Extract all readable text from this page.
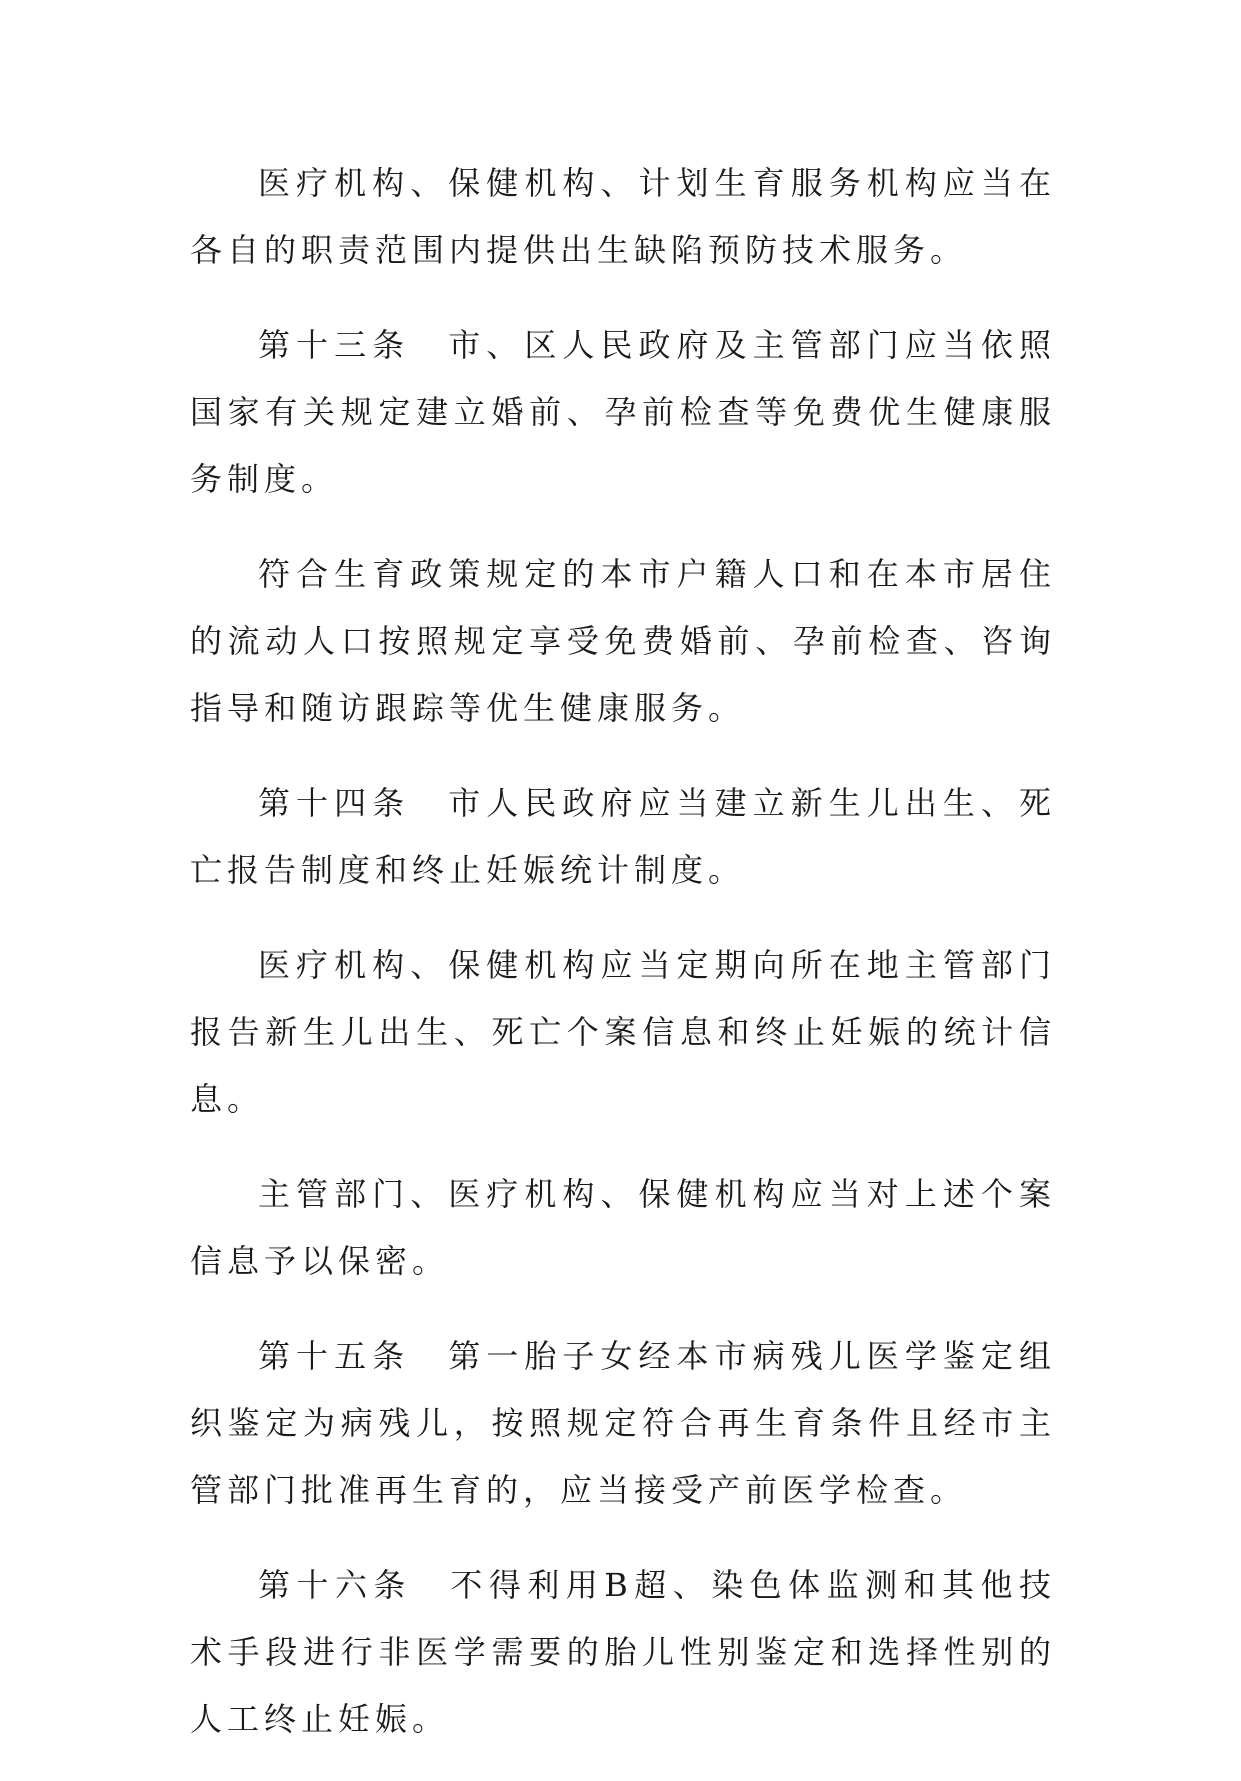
医疗机构、保健机构、计划生育服务机构应当在各自的职责范围内提供出生缺陷预防技术服务。

第十三条　市、区人民政府及主管部门应当依照国家有关规定建立婚前、孕前检查等免费优生健康服务制度。

符合生育政策规定的本市户籍人口和在本市居住的流动人口按照规定享受免费婚前、孕前检查、咨询指导和随访跟踪等优生健康服务。

第十四条　市人民政府应当建立新生儿出生、死亡报告制度和终止妊娠统计制度。

医疗机构、保健机构应当定期向所在地主管部门报告新生儿出生、死亡个案信息和终止妊娠的统计信息。

主管部门、医疗机构、保健机构应当对上述个案信息予以保密。

第十五条　第一胎子女经本市病残儿医学鉴定组织鉴定为病残儿，按照规定符合再生育条件且经市主管部门批准再生育的，应当接受产前医学检查。

第十六条　不得利用B超、染色体监测和其他技术手段进行非医学需要的胎儿性别鉴定和选择性别的人工终止妊娠。
